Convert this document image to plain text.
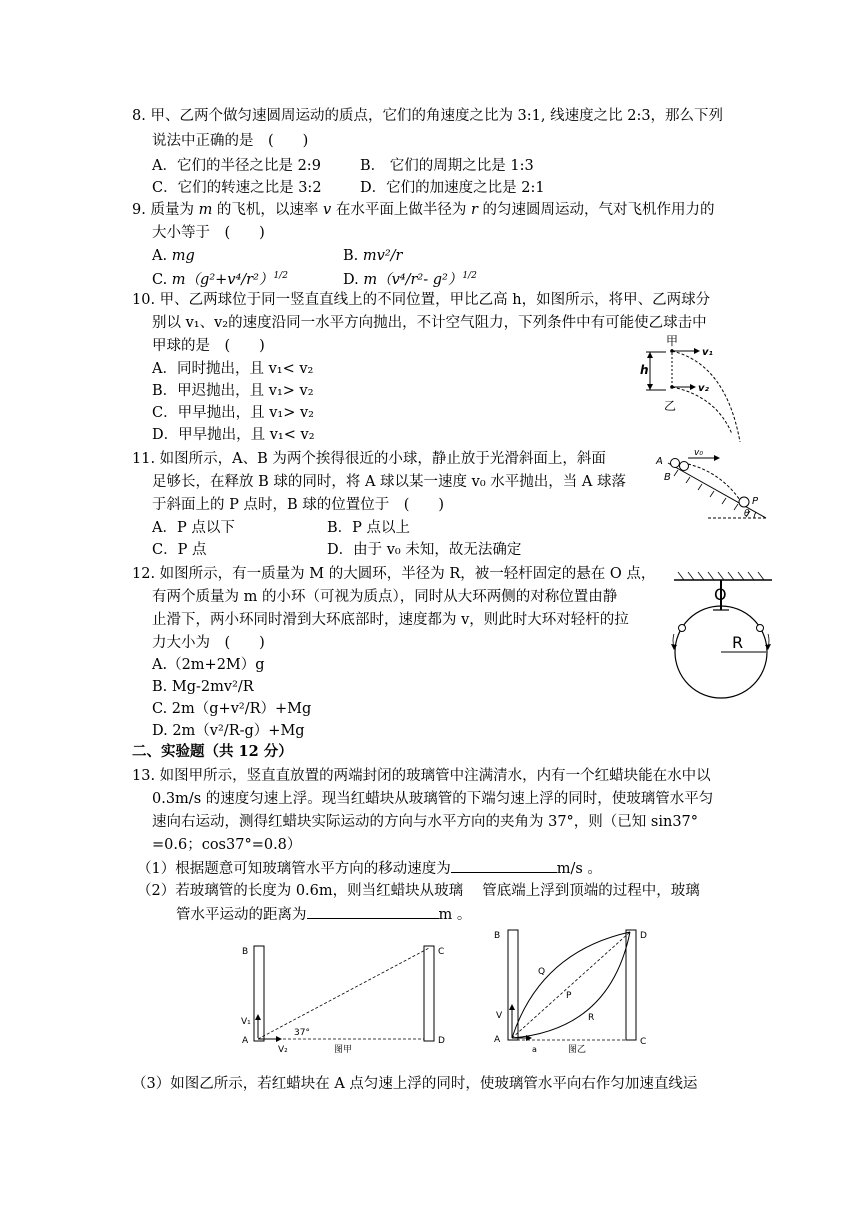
8. 甲、乙两个做匀速圆周运动的质点，它们的角速度之比为 3:1, 线速度之比 2:3，那么下列
说法中正确的是　(　　)
A．它们的半径之比是 2:9	B． 它们的周期之比是 1:3
C．它们的转速之比是 3:2	D．它们的加速度之比是 2:1
9. 质量为 m 的飞机，以速率 v 在水平面上做半径为 r 的匀速圆周运动，气对飞机作用力的
大小等于　(　　)
A. mg	B. mv²/r
C. $m(g^2+v^4/r^2)^{1/2}$	D. m（v⁴/r²- g²）$^{1/2}$
10. 甲、乙两球位于同一竖直直线上的不同位置，甲比乙高 h，如图所示，将甲、乙两球分
别以 v₁、v₂的速度沿同一水平方向抛出，不计空气阻力，下列条件中有可能使乙球击中
甲球的是　(　　)
A．同时抛出，且 v₁< v₂
B．甲迟抛出，且 v₁> v₂
C．甲早抛出，且 v₁> v₂
D．甲早抛出，且 v₁< v₂
h
v₁
甲
v₂
乙
11. 如图所示，A、B 为两个挨得很近的小球，静止放于光滑斜面上，斜面
足够长，在释放 B 球的同时，将 A 球以某一速度 v₀ 水平抛出，当 A 球落
于斜面上的 P 点时，B 球的位置位于　(　　)
A．P 点以下	B．P 点以上
C．P 点	D．由于 v₀ 未知，故无法确定
A
B
v₀
P
θ
12. 如图所示，有一质量为 M 的大圆环，半径为 R，被一轻杆固定的悬在 O 点，
有两个质量为 m 的小环（可视为质点），同时从大环两侧的对称位置由静
止滑下，两小环同时滑到大环底部时，速度都为 v，则此时大环对轻杆的拉
力大小为　(　　)
A.（2m+2M）g
B. Mg-2mv²/R
C. 2m（g+v²/R）+Mg
D. 2m（v²/R-g）+Mg
O
R
二、实验题（共 12 分）
13. 如图甲所示，竖直直放置的两端封闭的玻璃管中注满清水，内有一个红蜡块能在水中以
0.3m/s 的速度匀速上浮。现当红蜡块从玻璃管的下端匀速上浮的同时，使玻璃管水平匀
速向右运动，测得红蜡块实际运动的方向与水平方向的夹角为 37°，则（已知 sin37°
=0.6；cos37°=0.8）
（1）根据题意可知玻璃管水平方向的移动速度为	m/s 。
（2）若玻璃管的长度为 0.6m，则当红蜡块从玻璃　 管底端上浮到顶端的过程中，玻璃
管水平运动的距离为	m 。
B	C
A	D
V₁
V₂
37°
图甲
B	D
A	C
V
a
Q
P
R
图乙
（3）如图乙所示，若红蜡块在 A 点匀速上浮的同时，使玻璃管水平向右作匀加速直线运
